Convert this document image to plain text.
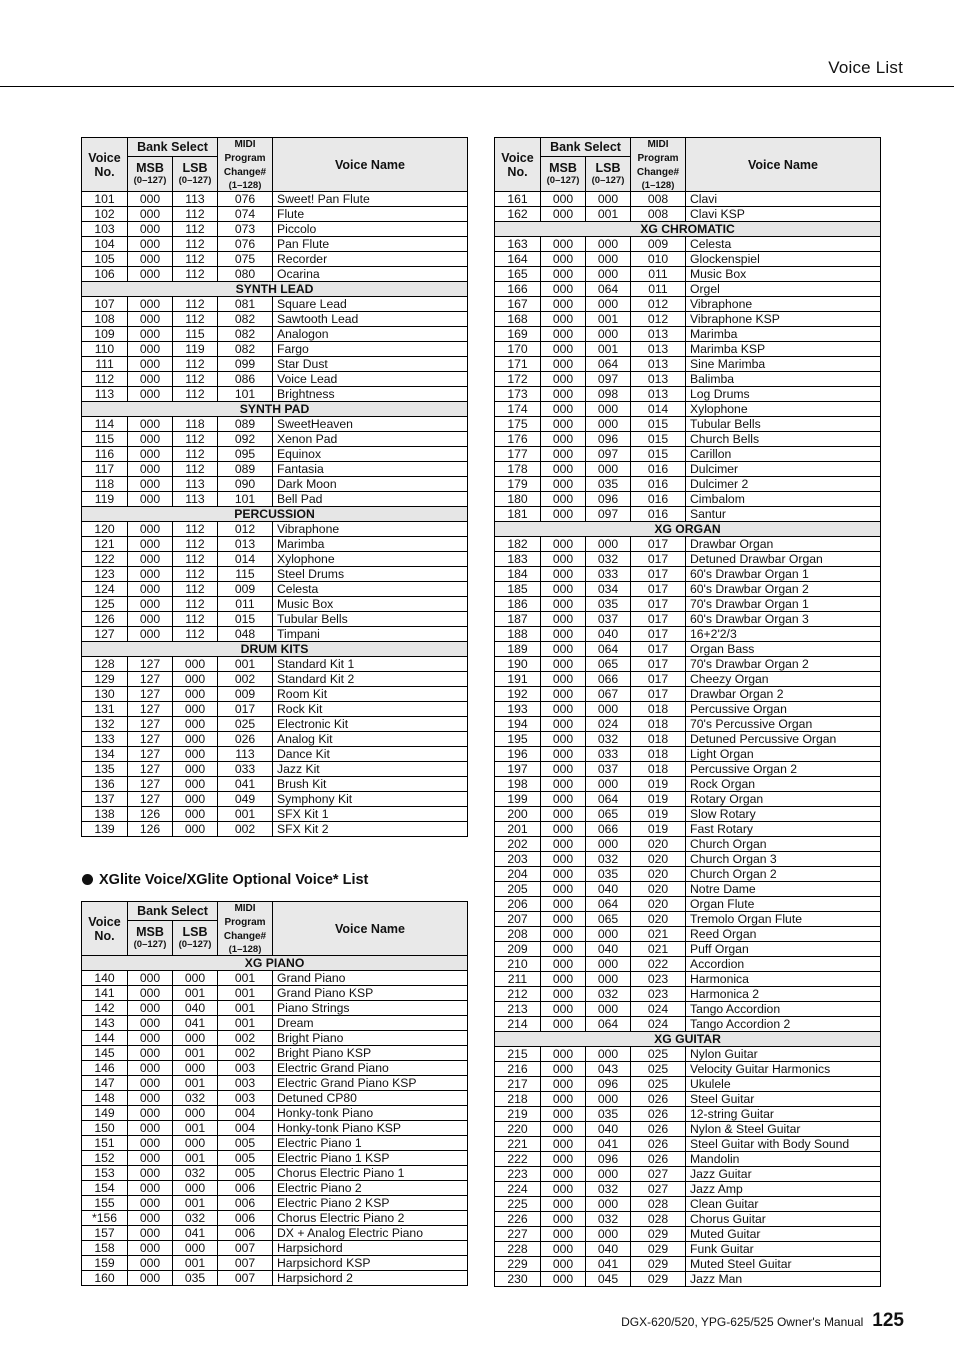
Voice List
Voice No.	Bank Select		MIDI Program Change#
(1–128)	Voice Name

	MSB
(0–127)	LSB
(0–127)		

101	000	113	076	Sweet! Pan Flute
102	000	112	074	Flute
103	000	112	073	Piccolo
104	000	112	076	Pan Flute
105	000	112	075	Recorder
106	000	112	080	Ocarina
SYNTH LEAD				
107	000	112	081	Square Lead
108	000	112	082	Sawtooth Lead
109	000	115	082	Analogon
110	000	119	082	Fargo
111	000	112	099	Star Dust
112	000	112	086	Voice Lead
113	000	112	101	Brightness
SYNTH PAD				
114	000	118	089	SweetHeaven
115	000	112	092	Xenon Pad
116	000	112	095	Equinox
117	000	112	089	Fantasia
118	000	113	090	Dark Moon
119	000	113	101	Bell Pad
PERCUSSION				
120	000	112	012	Vibraphone
121	000	112	013	Marimba
122	000	112	014	Xylophone
123	000	112	115	Steel Drums
124	000	112	009	Celesta
125	000	112	011	Music Box
126	000	112	015	Tubular Bells
127	000	112	048	Timpani
DRUM KITS				
128	127	000	001	Standard Kit 1
129	127	000	002	Standard Kit 2
130	127	000	009	Room Kit
131	127	000	017	Rock Kit
132	127	000	025	Electronic Kit
133	127	000	026	Analog Kit
134	127	000	113	Dance Kit
135	127	000	033	Jazz Kit
136	127	000	041	Brush Kit
137	127	000	049	Symphony Kit
138	126	000	001	SFX Kit 1
139	126	000	002	SFX Kit 2
XGlite Voice/XGlite Optional Voice* List
Voice No.	Bank Select		MIDI Program Change#
(1–128)	Voice Name

	MSB
(0–127)	LSB
(0–127)		

XG PIANO				
140	000	000	001	Grand Piano
141	000	001	001	Grand Piano KSP
142	000	040	001	Piano Strings
143	000	041	001	Dream
144	000	000	002	Bright Piano
145	000	001	002	Bright Piano KSP
146	000	000	003	Electric Grand Piano
147	000	001	003	Electric Grand Piano KSP
148	000	032	003	Detuned CP80
149	000	000	004	Honky-tonk Piano
150	000	001	004	Honky-tonk Piano KSP
151	000	000	005	Electric Piano 1
152	000	001	005	Electric Piano 1 KSP
153	000	032	005	Chorus Electric Piano 1
154	000	000	006	Electric Piano 2
155	000	001	006	Electric Piano 2 KSP
*156	000	032	006	Chorus Electric Piano 2
157	000	041	006	DX + Analog Electric Piano
158	000	000	007	Harpsichord
159	000	001	007	Harpsichord KSP
160	000	035	007	Harpsichord 2
Voice No.	Bank Select		MIDI Program Change#
(1–128)	Voice Name

	MSB
(0–127)	LSB
(0–127)		

161	000	000	008	Clavi
162	000	001	008	Clavi KSP
XG CHROMATIC				
163	000	000	009	Celesta
164	000	000	010	Glockenspiel
165	000	000	011	Music Box
166	000	064	011	Orgel
167	000	000	012	Vibraphone
168	000	001	012	Vibraphone KSP
169	000	000	013	Marimba
170	000	001	013	Marimba KSP
171	000	064	013	Sine Marimba
172	000	097	013	Balimba
173	000	098	013	Log Drums
174	000	000	014	Xylophone
175	000	000	015	Tubular Bells
176	000	096	015	Church Bells
177	000	097	015	Carillon
178	000	000	016	Dulcimer
179	000	035	016	Dulcimer 2
180	000	096	016	Cimbalom
181	000	097	016	Santur
XG ORGAN				
182	000	000	017	Drawbar Organ
183	000	032	017	Detuned Drawbar Organ
184	000	033	017	60's Drawbar Organ 1
185	000	034	017	60's Drawbar Organ 2
186	000	035	017	70's Drawbar Organ 1
187	000	037	017	60's Drawbar Organ 3
188	000	040	017	16+2'2/3
189	000	064	017	Organ Bass
190	000	065	017	70's Drawbar Organ 2
191	000	066	017	Cheezy Organ
192	000	067	017	Drawbar Organ 2
193	000	000	018	Percussive Organ
194	000	024	018	70's Percussive Organ
195	000	032	018	Detuned Percussive Organ
196	000	033	018	Light Organ
197	000	037	018	Percussive Organ 2
198	000	000	019	Rock Organ
199	000	064	019	Rotary Organ
200	000	065	019	Slow Rotary
201	000	066	019	Fast Rotary
202	000	000	020	Church Organ
203	000	032	020	Church Organ 3
204	000	035	020	Church Organ 2
205	000	040	020	Notre Dame
206	000	064	020	Organ Flute
207	000	065	020	Tremolo Organ Flute
208	000	000	021	Reed Organ
209	000	040	021	Puff Organ
210	000	000	022	Accordion
211	000	000	023	Harmonica
212	000	032	023	Harmonica 2
213	000	000	024	Tango Accordion
214	000	064	024	Tango Accordion 2
XG GUITAR				
215	000	000	025	Nylon Guitar
216	000	043	025	Velocity Guitar Harmonics
217	000	096	025	Ukulele
218	000	000	026	Steel Guitar
219	000	035	026	12-string Guitar
220	000	040	026	Nylon & Steel Guitar
221	000	041	026	Steel Guitar with Body Sound
222	000	096	026	Mandolin
223	000	000	027	Jazz Guitar
224	000	032	027	Jazz Amp
225	000	000	028	Clean Guitar
226	000	032	028	Chorus Guitar
227	000	000	029	Muted Guitar
228	000	040	029	Funk Guitar
229	000	041	029	Muted Steel Guitar
230	000	045	029	Jazz Man
DGX-620/520, YPG-625/525 Owner's Manual 125
